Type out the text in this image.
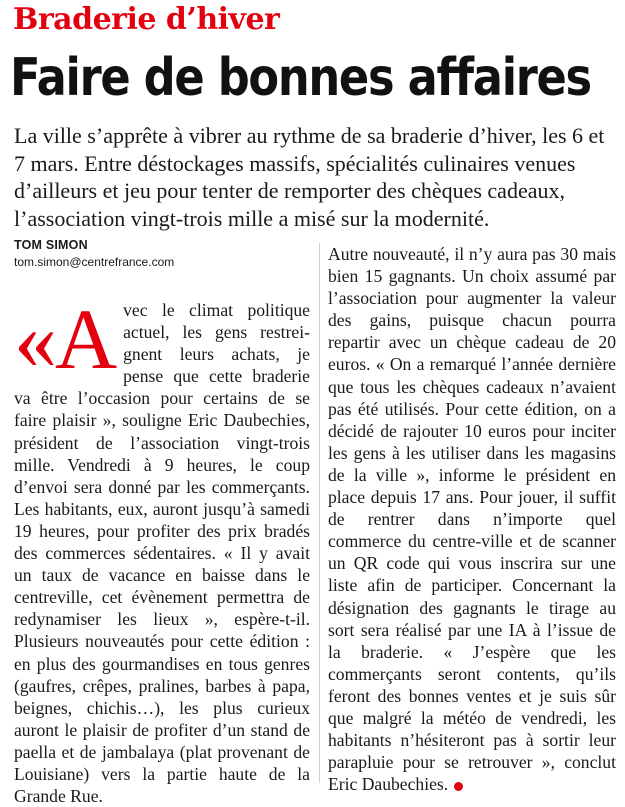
Braderie d’hiver
Faire de bonnes affaires
La ville s’apprête à vibrer au rythme de sa braderie d’hiver, les 6 et 7 mars. Entre déstockages massifs, spécialités culinaires venues d’ailleurs et jeu pour tenter de remporter des chèques cadeaux, l’association vingt-trois mille a misé sur la modernité.
TOM SIMON
tom.simon@centrefrance.com
«Avec le climat politique actuel, les gens restreignent leurs achats, je pense que cette braderie va être l’occasion pour certains de se faire plaisir », souligne Eric Daubechies, président de l’association vingt-trois mille. Vendredi à 9 heures, le coup d’envoi sera donné par les commerçants. Les habitants, eux, auront jusqu’à samedi 19 heures, pour profiter des prix bradés des commerces sédentaires. « Il y avait un taux de vacance en baisse dans le centreville, cet évènement permettra de redynamiser les lieux », espère-t-il. Plusieurs nouveautés pour cette édition : en plus des gourmandises en tous genres (gaufres, crêpes, pralines, barbes à papa, beignes, chichis…), les plus curieux auront le plaisir de profiter d’un stand de paella et de jambalaya (plat provenant de Louisiane) vers la partie haute de la Grande Rue.
Autre nouveauté, il n’y aura pas 30 mais bien 15 gagnants. Un choix assumé par l’association pour augmenter la valeur des gains, puisque chacun pourra repartir avec un chèque cadeau de 20 euros. « On a remarqué l’année dernière que tous les chèques cadeaux n’avaient pas été utilisés. Pour cette édition, on a décidé de rajouter 10 euros pour inciter les gens à les utiliser dans les magasins de la ville », informe le président en place depuis 17 ans. Pour jouer, il suffit de rentrer dans n’importe quel commerce du centre-ville et de scanner un QR code qui vous inscrira sur une liste afin de participer. Concernant la désignation des gagnants le tirage au sort sera réalisé par une IA à l’issue de la braderie. « J’espère que les commerçants seront contents, qu’ils feront des bonnes ventes et je suis sûr que malgré la météo de vendredi, les habitants n’hésiteront pas à sortir leur parapluie pour se retrouver », conclut Eric Daubechies.
